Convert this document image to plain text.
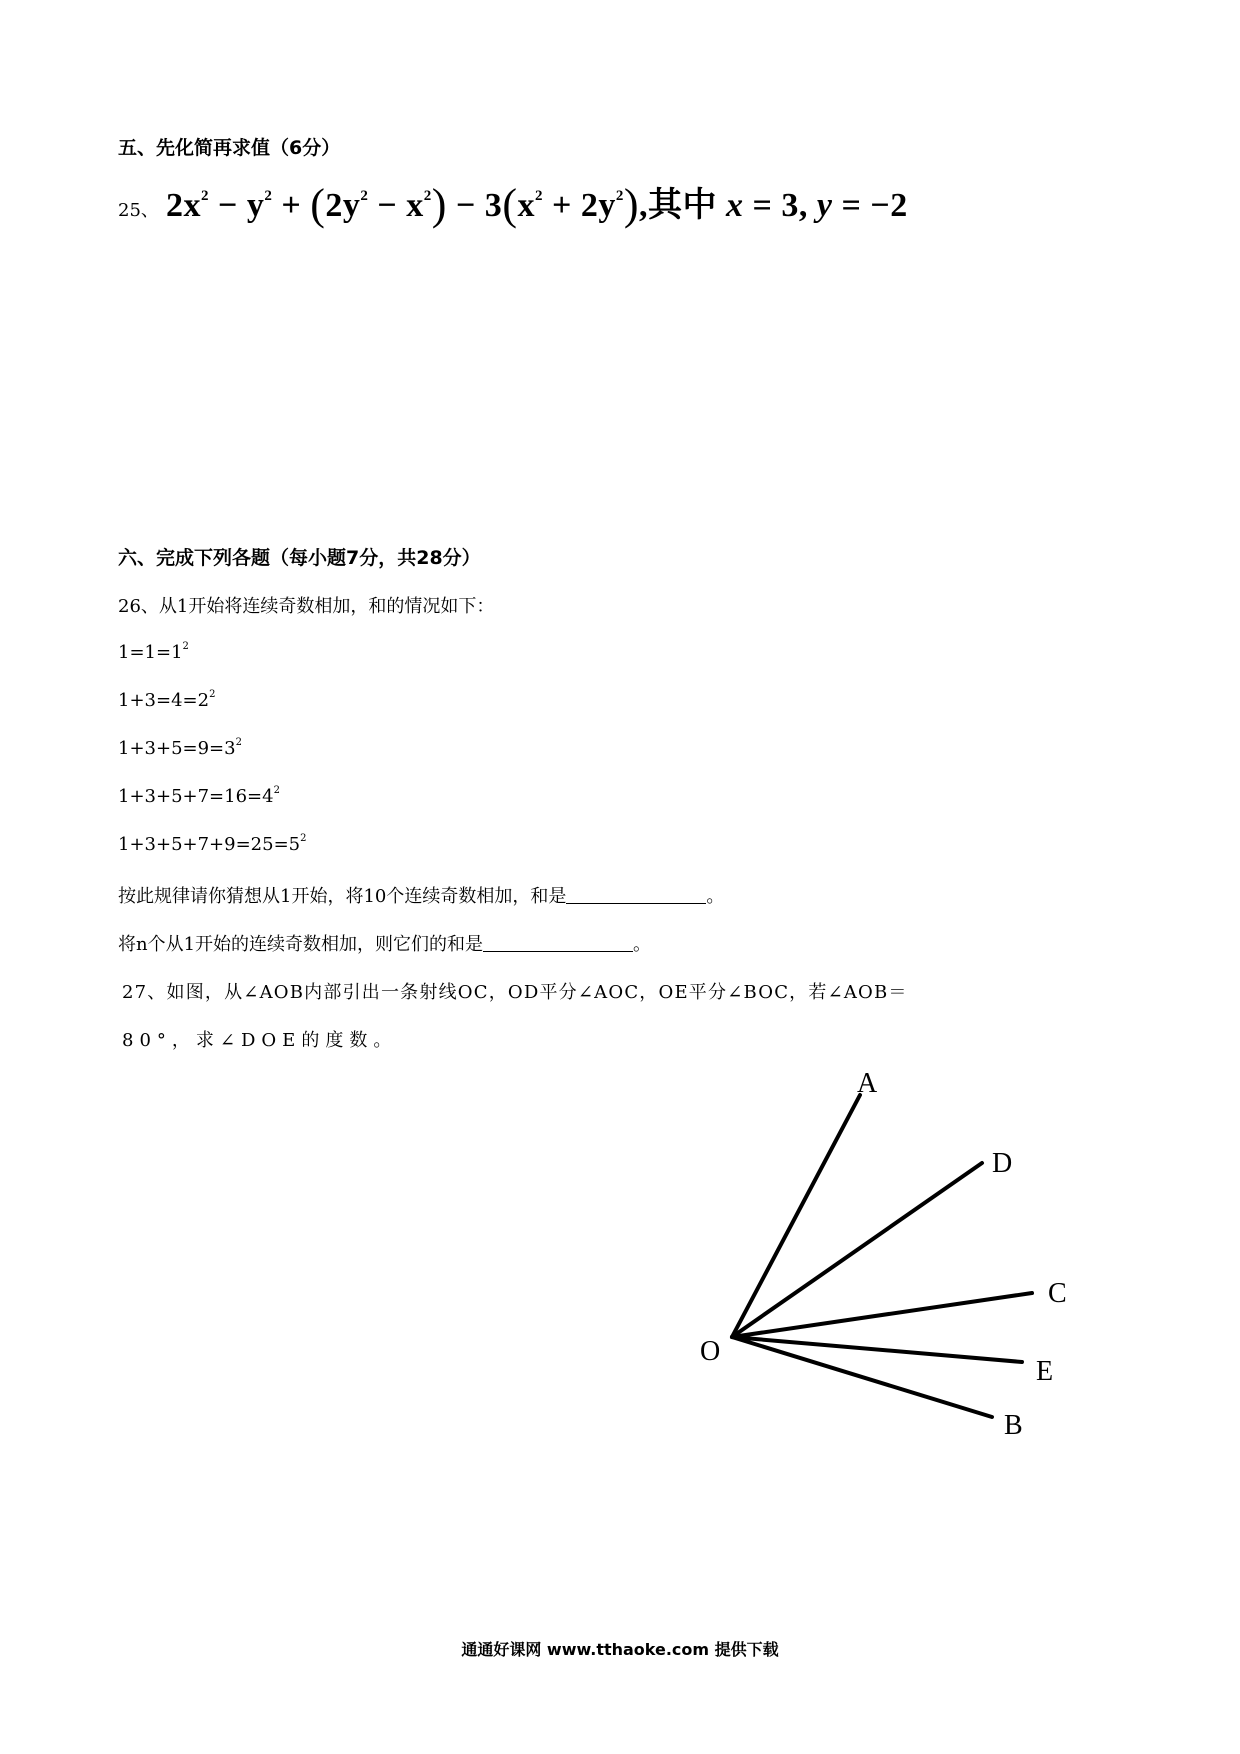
五、先化简再求值（6分）
25、 $2x^2 - y^2 + (2y^2 - x^2) - 3(x^2 + 2y^2)$,其中 x = 3, y = −2
六、完成下列各题（每小题7分，共28分）
26、从1开始将连续奇数相加，和的情况如下：
$1=1=1^2$
$1+3=4=2^2$
$1+3+5=9=3^2$
$1+3+5+7=16=4^2$
$1+3+5+7+9=25=5^2$
按此规律请你猜想从1开始，将10个连续奇数相加，和是	。
将n个从1开始的连续奇数相加，则它们的和是	。
27、如图，从∠AOB内部引出一条射线OC，OD平分∠AOC，OE平分∠BOC，若∠AOB＝
80°，求∠DOE的度数。
A
D
C
E
B
O
通通好课网 www.tthaoke.com 提供下载
